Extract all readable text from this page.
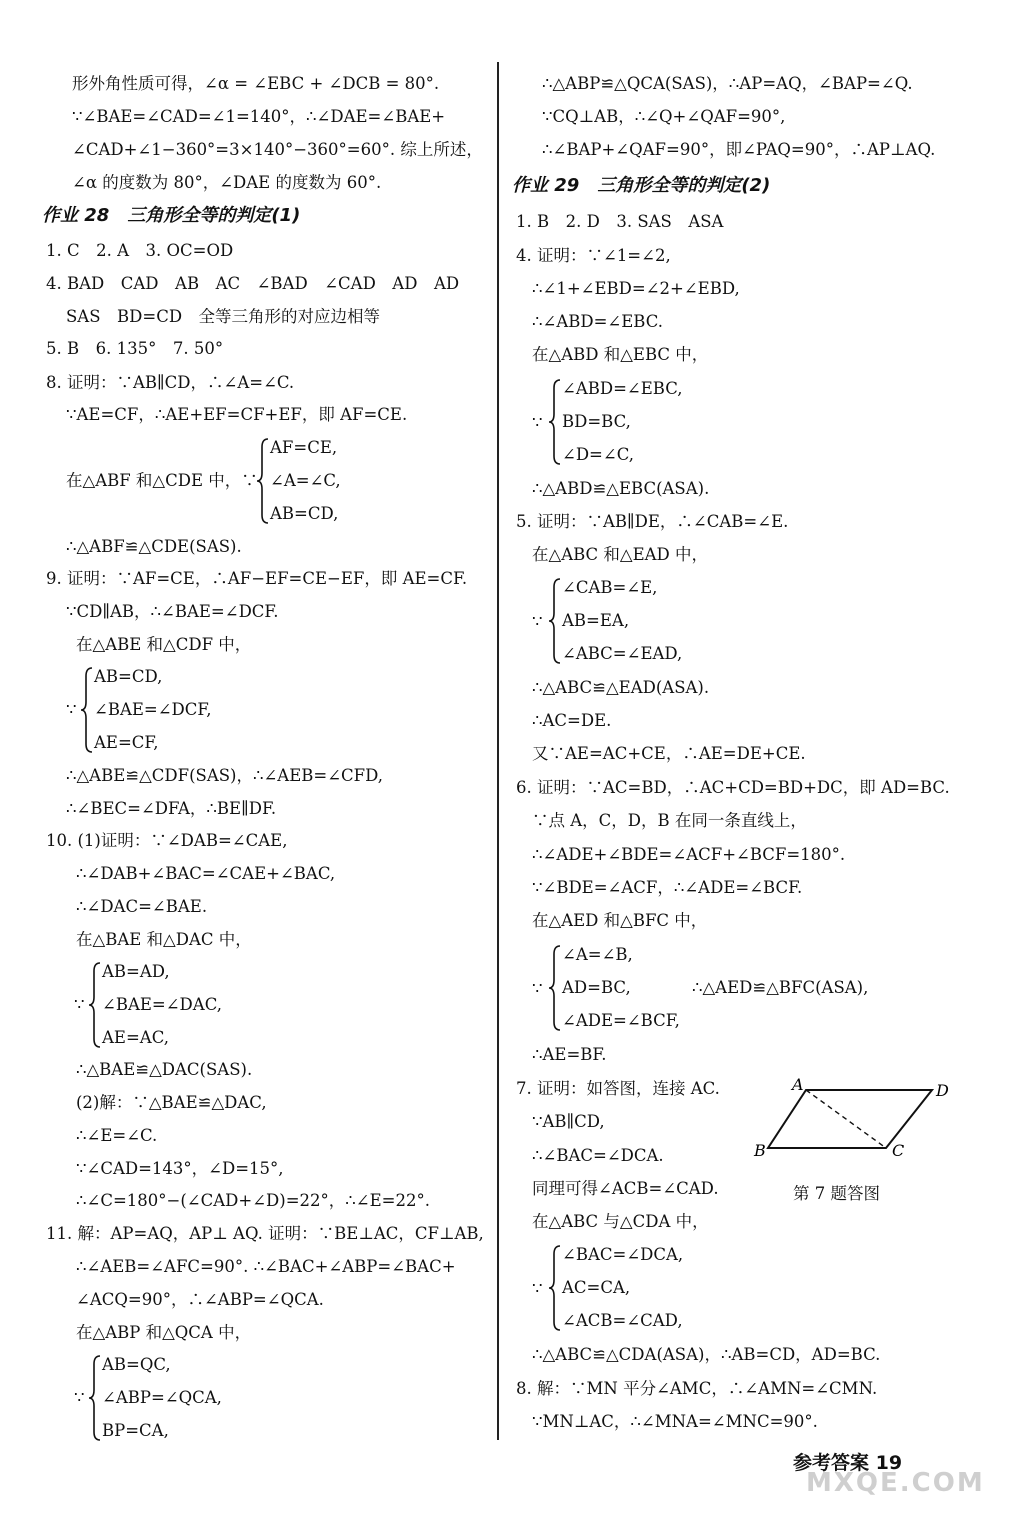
形外角性质可得，∠α = ∠EBC + ∠DCB = 80°.
∵∠BAE=∠CAD=∠1=140°，∴∠DAE=∠BAE+
∠CAD+∠1−360°=3×140°−360°=60°. 综上所述，
∠α 的度数为 80°，∠DAE 的度数为 60°.
作业 28　三角形全等的判定(1)
1. C　2. A　3. OC=OD
4. BAD　CAD　AB　AC　∠BAD　∠CAD　AD　AD
SAS　BD=CD　全等三角形的对应边相等
5. B　6. 135°　7. 50°
8. 证明：∵AB∥CD，∴∠A=∠C.
∵AE=CF，∴AE+EF=CF+EF，即 AF=CE.
在△ABF 和△CDE 中，∵
AF=CE,
∠A=∠C,
AB=CD,
∴△ABF≌△CDE(SAS).
9. 证明：∵AF=CE，∴AF−EF=CE−EF，即 AE=CF.
∵CD∥AB，∴∠BAE=∠DCF.
在△ABE 和△CDF 中，
∵
AB=CD,
∠BAE=∠DCF,
AE=CF,
∴△ABE≌△CDF(SAS)，∴∠AEB=∠CFD,
∴∠BEC=∠DFA，∴BE∥DF.
10. (1)证明：∵∠DAB=∠CAE,
∴∠DAB+∠BAC=∠CAE+∠BAC,
∴∠DAC=∠BAE.
在△BAE 和△DAC 中，
∵
AB=AD,
∠BAE=∠DAC,
AE=AC,
∴△BAE≌△DAC(SAS).
(2)解：∵△BAE≌△DAC,
∴∠E=∠C.
∵∠CAD=143°，∠D=15°,
∴∠C=180°−(∠CAD+∠D)=22°，∴∠E=22°.
11. 解：AP=AQ，AP⊥ AQ. 证明：∵BE⊥AC，CF⊥AB,
∴∠AEB=∠AFC=90°. ∴∠BAC+∠ABP=∠BAC+
∠ACQ=90°，∴∠ABP=∠QCA.
在△ABP 和△QCA 中，
∵
AB=QC,
∠ABP=∠QCA,
BP=CA,
∴△ABP≌△QCA(SAS)，∴AP=AQ，∠BAP=∠Q.
∵CQ⊥AB，∴∠Q+∠QAF=90°,
∴∠BAP+∠QAF=90°，即∠PAQ=90°，∴AP⊥AQ.
作业 29　三角形全等的判定(2)
1. B　2. D　3. SAS　ASA
4. 证明：∵∠1=∠2,
∴∠1+∠EBD=∠2+∠EBD,
∴∠ABD=∠EBC.
在△ABD 和△EBC 中，
∵
∠ABD=∠EBC,
BD=BC,
∠D=∠C,
∴△ABD≌△EBC(ASA).
5. 证明：∵AB∥DE，∴∠CAB=∠E.
在△ABC 和△EAD 中，
∵
∠CAB=∠E,
AB=EA,
∠ABC=∠EAD,
∴△ABC≌△EAD(ASA).
∴AC=DE.
又∵AE=AC+CE，∴AE=DE+CE.
6. 证明：∵AC=BD，∴AC+CD=BD+DC，即 AD=BC.
∵点 A，C，D，B 在同一条直线上，
∴∠ADE+∠BDE=∠ACF+∠BCF=180°.
∵∠BDE=∠ACF，∴∠ADE=∠BCF.
在△AED 和△BFC 中，
∵
∠A=∠B,
AD=BC,
∠ADE=∠BCF,
∴△AED≌△BFC(ASA),
∴AE=BF.
7. 证明：如答图，连接 AC.
∵AB∥CD,
∴∠BAC=∠DCA.
同理可得∠ACB=∠CAD.
在△ABC 与△CDA 中，
∵
∠BAC=∠DCA,
AC=CA,
∠ACB=∠CAD,
∴△ABC≌△CDA(ASA)，∴AB=CD，AD=BC.
8. 解：∵MN 平分∠AMC，∴∠AMN=∠CMN.
∵MN⊥AC，∴∠MNA=∠MNC=90°.
A	D
B	C
第 7 题答图
参考答案 19
MXQE.COM
